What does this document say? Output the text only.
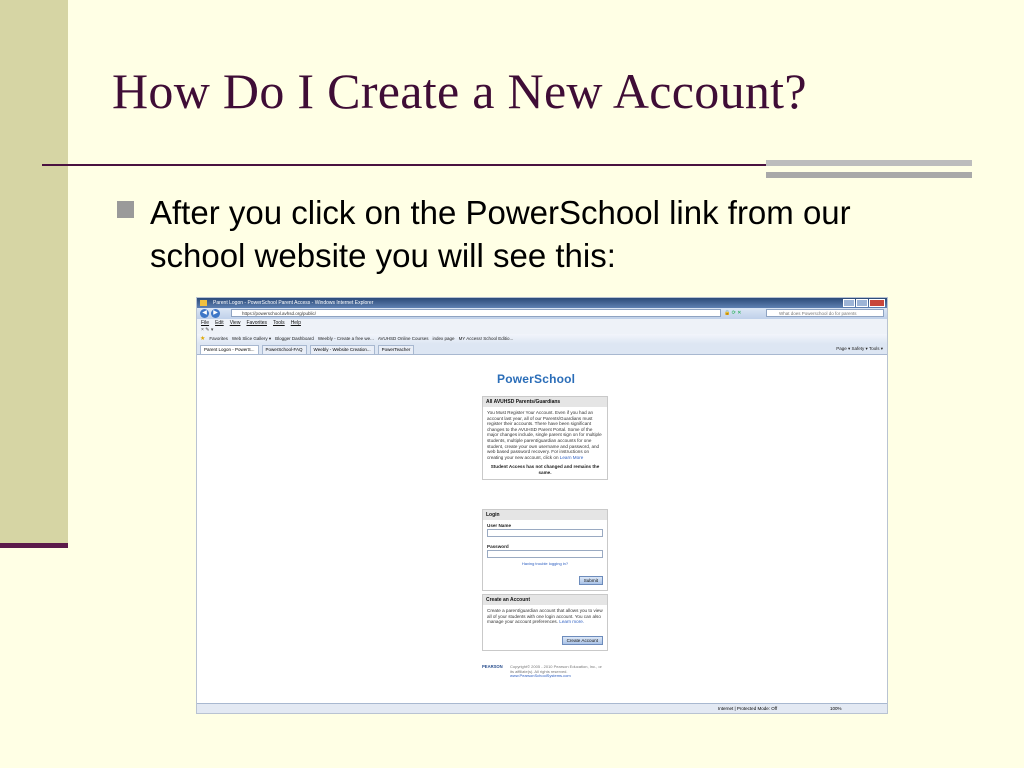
How Do I Create a New Account?
After you click on the PowerSchool link from our school website you will see this:
Parent Logon - PowerSchool Parent Access - Windows Internet Explorer
◀	▶	https://powerschool.avhsd.org/public/	🔒 ⟳ ✕	What does Powerschool do for parents
File Edit View Favorites Tools Help
× ✎ ▾
★ Favorites Web Slice Gallery ▾ Blogger Dashboard Weebly - Create a free we... AVUHSD Online Courses index page MY Access! School Editio...
Parent Logon - PowerS...	PowerSchool-FAQ	Weebly - Website Creation...	PowerTeacher	Page ▾ Safety ▾ Tools ▾
PowerSchool
All AVUHSD Parents/Guardians
You Must Register Your Account. Even if you had an account last year, all of our Parents/Guardians must register their accounts. There have been significant changes to the AVUHSD Parent Portal. Some of the major changes include, single parent sign on for multiple students, multiple parent/guardian accounts for one student, create your own username and password, and web based password recovery. For instructions on creating your new account, click on Learn More
Student Access has not changed and remains the same.
Login
User Name
Password
Having trouble logging in?
Submit
Create an Account
Create a parent/guardian account that allows you to view all of your students with one login account. You can also manage your account preferences. Learn more.
Create Account
PEARSON	Copyright© 2005 - 2010 Pearson Education, Inc., or its affiliate(s). All rights reserved.
www.PearsonSchoolSystems.com
Internet | Protected Mode: Off	100%
